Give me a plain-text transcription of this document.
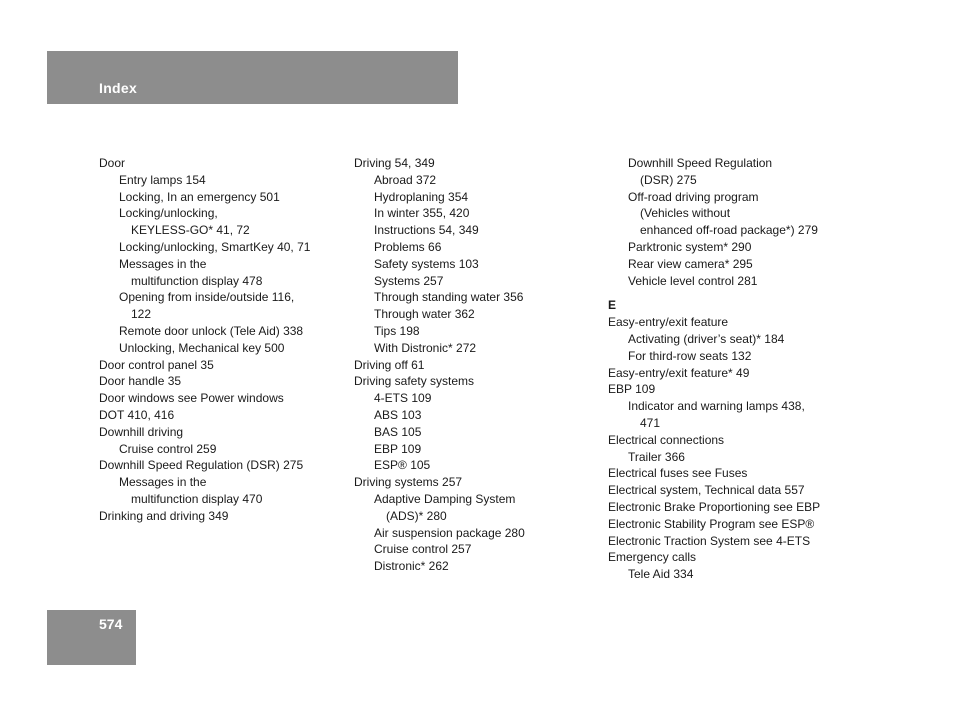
Index
Door
Entry lamps 154
Locking, In an emergency 501
Locking/unlocking,
KEYLESS-GO* 41, 72
Locking/unlocking, SmartKey 40, 71
Messages in the
multifunction display 478
Opening from inside/outside 116,
122
Remote door unlock (Tele Aid) 338
Unlocking, Mechanical key 500
Door control panel 35
Door handle 35
Door windows see Power windows
DOT 410, 416
Downhill driving
Cruise control 259
Downhill Speed Regulation (DSR) 275
Messages in the
multifunction display 470
Drinking and driving 349
Driving 54, 349
Abroad 372
Hydroplaning 354
In winter 355, 420
Instructions 54, 349
Problems 66
Safety systems 103
Systems 257
Through standing water 356
Through water 362
Tips 198
With Distronic* 272
Driving off 61
Driving safety systems
4-ETS 109
ABS 103
BAS 105
EBP 109
ESP® 105
Driving systems 257
Adaptive Damping System
(ADS)* 280
Air suspension package 280
Cruise control 257
Distronic* 262
Downhill Speed Regulation
(DSR) 275
Off-road driving program
(Vehicles without
enhanced off-road package*) 279
Parktronic system* 290
Rear view camera* 295
Vehicle level control 281
E
Easy-entry/exit feature
Activating (driver’s seat)* 184
For third-row seats 132
Easy-entry/exit feature* 49
EBP 109
Indicator and warning lamps 438,
471
Electrical connections
Trailer 366
Electrical fuses see Fuses
Electrical system, Technical data 557
Electronic Brake Proportioning see EBP
Electronic Stability Program see ESP®
Electronic Traction System see 4-ETS
Emergency calls
Tele Aid 334
574
